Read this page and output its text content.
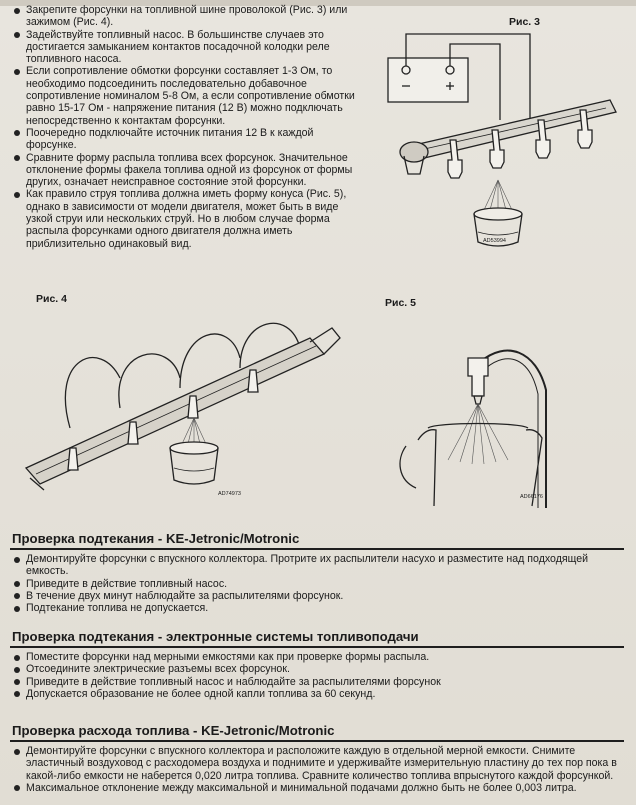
Закрепите форсунки на топливной шине проволокой (Рис. 3) или зажимом (Рис. 4).
Задействуйте топливный насос. В большинстве случаев это достигается замыканием контактов посадочной колодки реле топливного насоса.
Если сопротивление обмотки форсунки составляет 1-3 Ом, то необходимо подсоединить последовательно добавочное сопротивление номиналом 5-8 Ом, а если сопротивление обмотки равно 15-17 Ом - напряжение питания (12 В) можно подключать непосредственно к контактам форсунки.
Поочередно подключайте источник питания 12 В к каждой форсунке.
Сравните форму распыла топлива всех форсунок. Значительное отклонение формы факела топлива одной из форсунок от формы других, означает неисправное состояние этой форсунки.
Как правило струя топлива должна иметь форму конуса (Рис. 5), однако в зависимости от модели двигателя, может быть в виде узкой струи или нескольких струй. Но в любом случае форма распыла форсунками одного двигателя должна иметь приблизительно одинаковый вид.
Рис. 3
AD53994
Рис. 4
AD74973
Рис. 5
AD66176
Проверка подтекания - KE-Jetronic/Motronic
Демонтируйте форсунки с впускного коллектора. Протрите их распылители насухо и разместите над подходящей емкость.
Приведите в действие топливный насос.
В течение двух минут наблюдайте за распылителями форсунок.
Подтекание топлива не допускается.
Проверка подтекания - электронные системы топливоподачи
Поместите форсунки над мерными емкостями как при проверке формы распыла.
Отсоедините электрические разъемы всех форсунок.
Приведите в действие топливный насос и наблюдайте за распылителями форсунок
Допускается образование не более одной капли топлива за 60 секунд.
Проверка расхода топлива - KE-Jetronic/Motronic
Демонтируйте форсунки с впускного коллектора и расположите каждую в отдельной мерной емкости. Снимите эластичный воздуховод с расходомера воздуха и поднимите и удерживайте измерительную пластину до тех пор пока в какой-либо емкости не наберется 0,020 литра топлива. Сравните количество топлива впрыснутого каждой форсункой.
Максимальное отклонение между максимальной и минимальной подачами должно быть не более 0,003 литра.
